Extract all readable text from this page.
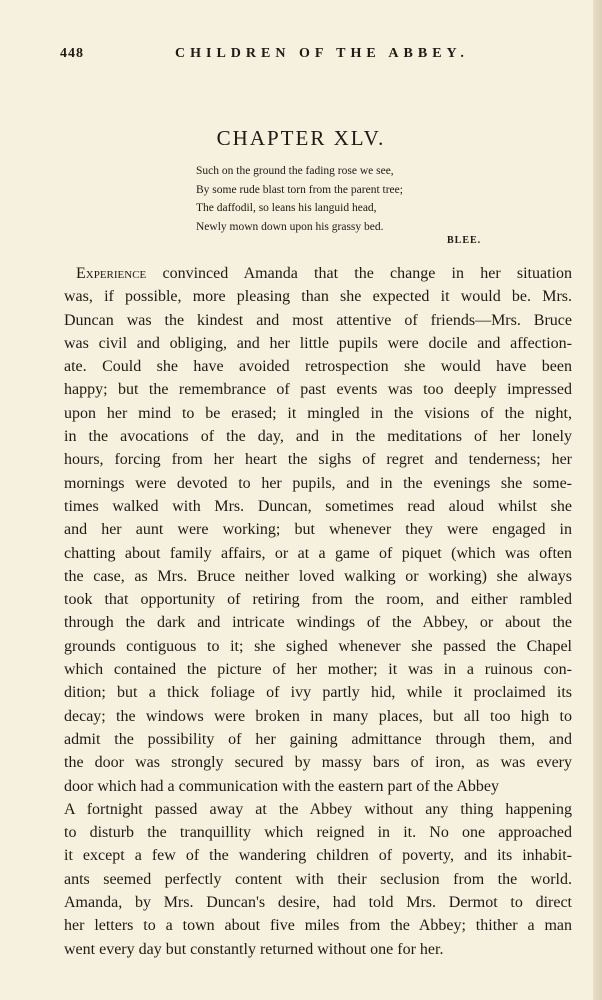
448	CHILDREN OF THE ABBEY.
CHAPTER XLV.
Such on the ground the fading rose we see,
By some rude blast torn from the parent tree;
The daffodil, so leans his languid head,
Newly mown down upon his grassy bed.
BLEE.
Experience convinced Amanda that the change in her situation
was, if possible, more pleasing than she expected it would be. Mrs.
Duncan was the kindest and most attentive of friends—Mrs. Bruce
was civil and obliging, and her little pupils were docile and affection-
ate. Could she have avoided retrospection she would have been
happy; but the remembrance of past events was too deeply impressed
upon her mind to be erased; it mingled in the visions of the night,
in the avocations of the day, and in the meditations of her lonely
hours, forcing from her heart the sighs of regret and tenderness; her
mornings were devoted to her pupils, and in the evenings she some-
times walked with Mrs. Duncan, sometimes read aloud whilst she
and her aunt were working; but whenever they were engaged in
chatting about family affairs, or at a game of piquet (which was often
the case, as Mrs. Bruce neither loved walking or working) she always
took that opportunity of retiring from the room, and either rambled
through the dark and intricate windings of the Abbey, or about the
grounds contiguous to it; she sighed whenever she passed the Chapel
which contained the picture of her mother; it was in a ruinous con-
dition; but a thick foliage of ivy partly hid, while it proclaimed its
decay; the windows were broken in many places, but all too high to
admit the possibility of her gaining admittance through them, and
the door was strongly secured by massy bars of iron, as was every
door which had a communication with the eastern part of the Abbey
A fortnight passed away at the Abbey without any thing happening
to disturb the tranquillity which reigned in it. No one approached
it except a few of the wandering children of poverty, and its inhabit-
ants seemed perfectly content with their seclusion from the world.
Amanda, by Mrs. Duncan's desire, had told Mrs. Dermot to direct
her letters to a town about five miles from the Abbey; thither a man
went every day but constantly returned without one for her.
